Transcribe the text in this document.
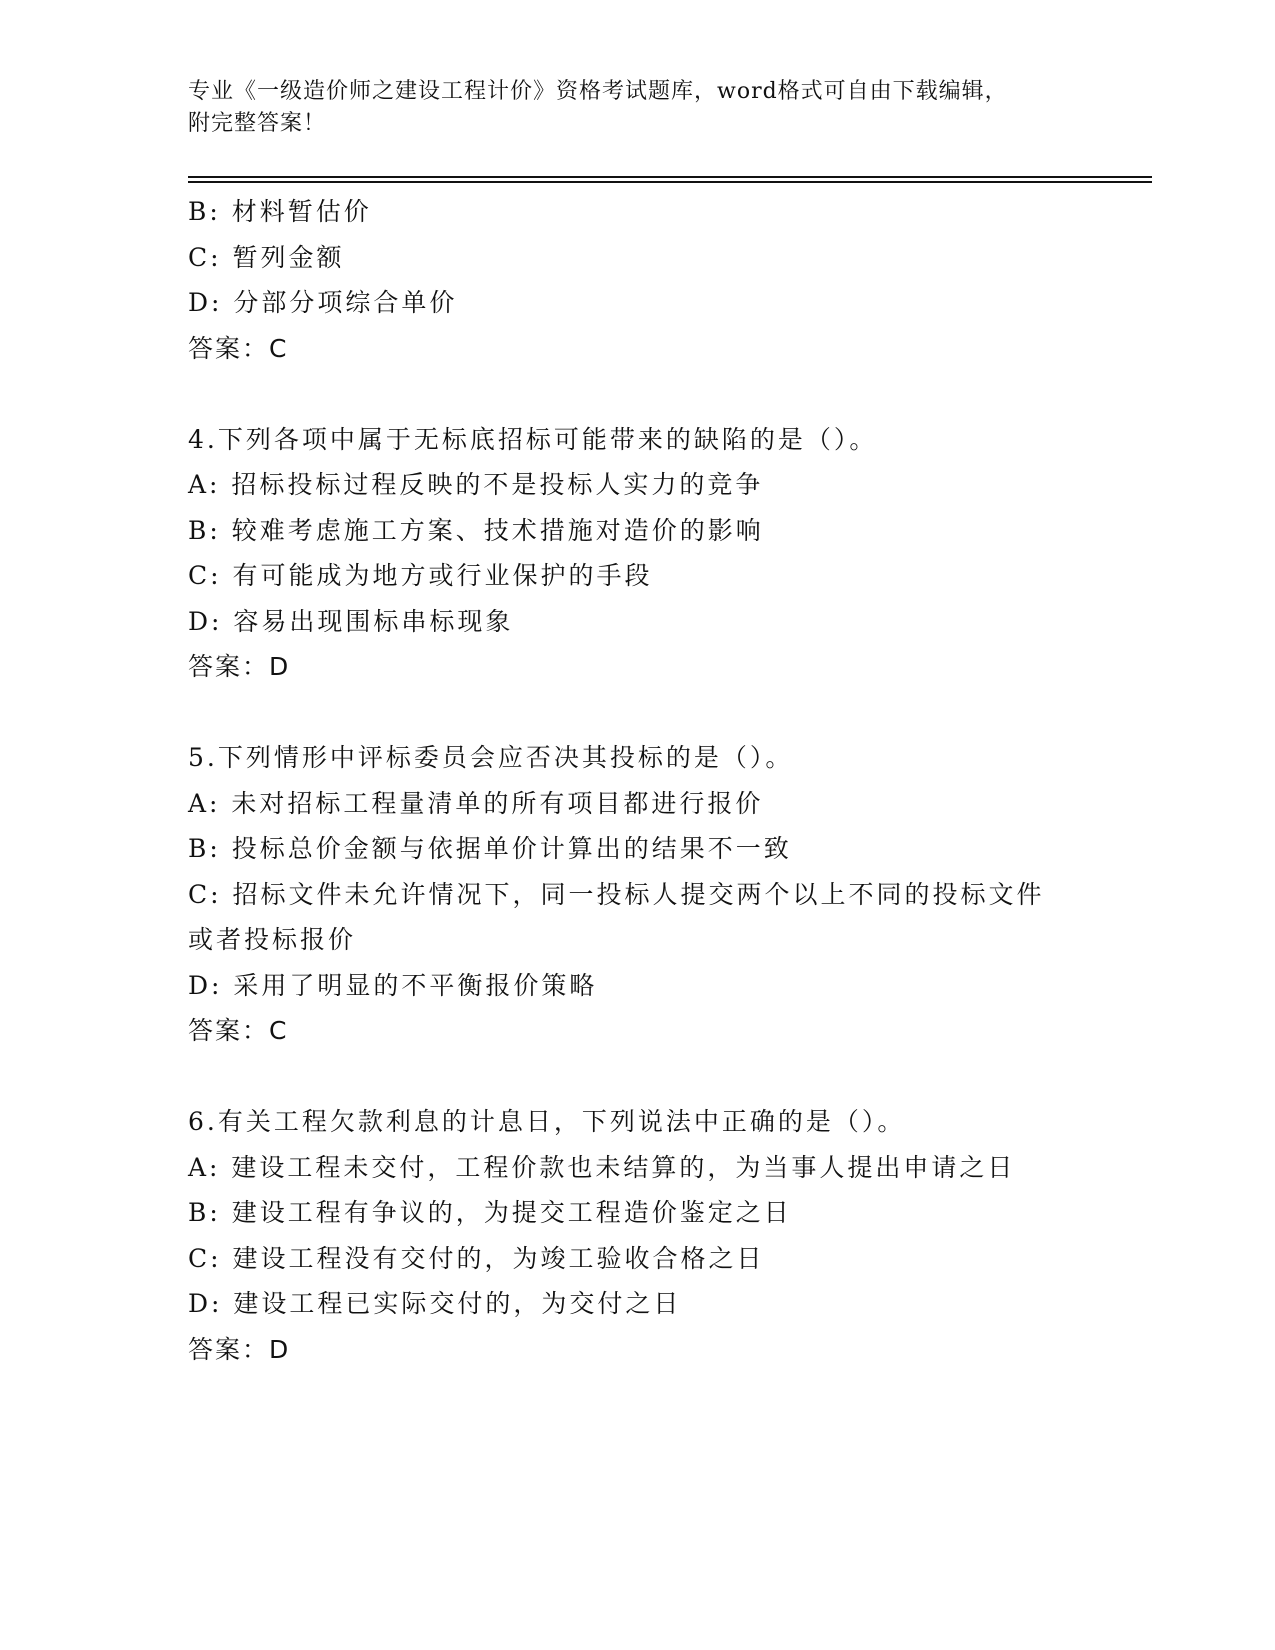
专业《一级造价师之建设工程计价》资格考试题库，word格式可自由下载编辑，
附完整答案！
B: 材料暂估价
C: 暂列金额
D: 分部分项综合单价
答案：C
4.下列各项中属于无标底招标可能带来的缺陷的是（）。
A: 招标投标过程反映的不是投标人实力的竞争
B: 较难考虑施工方案、技术措施对造价的影响
C: 有可能成为地方或行业保护的手段
D: 容易出现围标串标现象
答案：D
5.下列情形中评标委员会应否决其投标的是（）。
A: 未对招标工程量清单的所有项目都进行报价
B: 投标总价金额与依据单价计算出的结果不一致
C: 招标文件未允许情况下，同一投标人提交两个以上不同的投标文件
或者投标报价
D: 采用了明显的不平衡报价策略
答案：C
6.有关工程欠款利息的计息日，下列说法中正确的是（）。
A: 建设工程未交付，工程价款也未结算的，为当事人提出申请之日
B: 建设工程有争议的，为提交工程造价鉴定之日
C: 建设工程没有交付的，为竣工验收合格之日
D: 建设工程已实际交付的，为交付之日
答案：D
